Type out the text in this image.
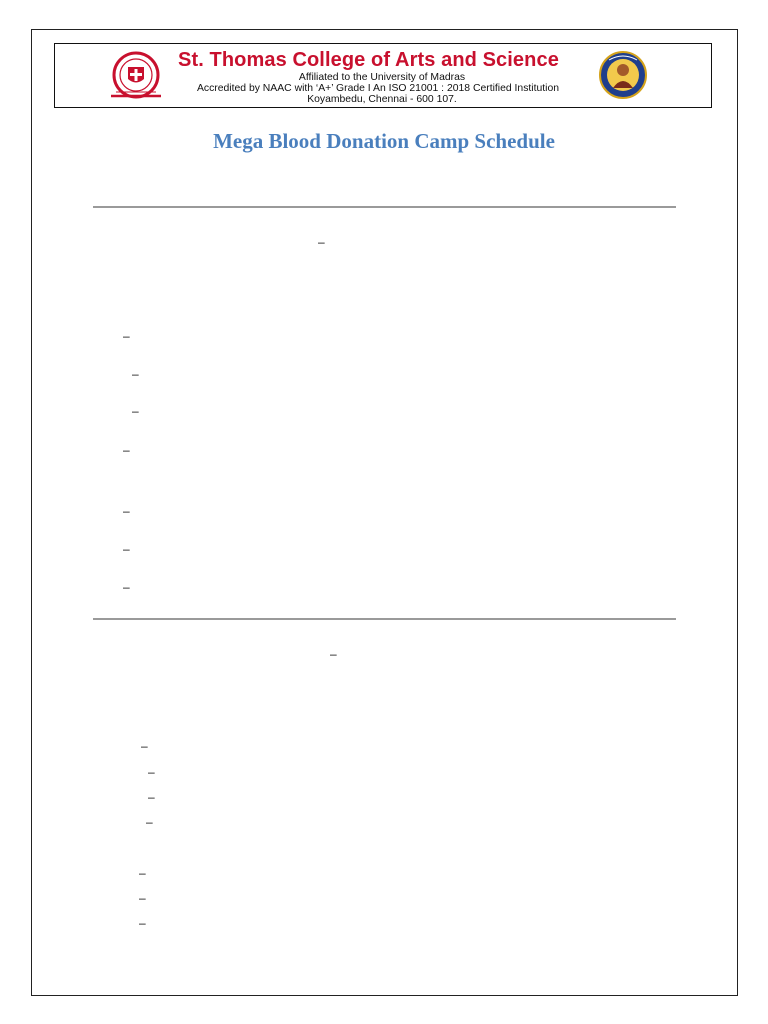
St. Thomas College of Arts and Science
Affiliated to the University of Madras
Accredited by NAAC with ‘A+’ Grade I An ISO 21001 : 2018 Certified Institution
Koyambedu, Chennai - 600 107.
Mega Blood Donation Camp Schedule
–
–
–
–
–
–
–
–
–
–
–
–
–
–
–
–
